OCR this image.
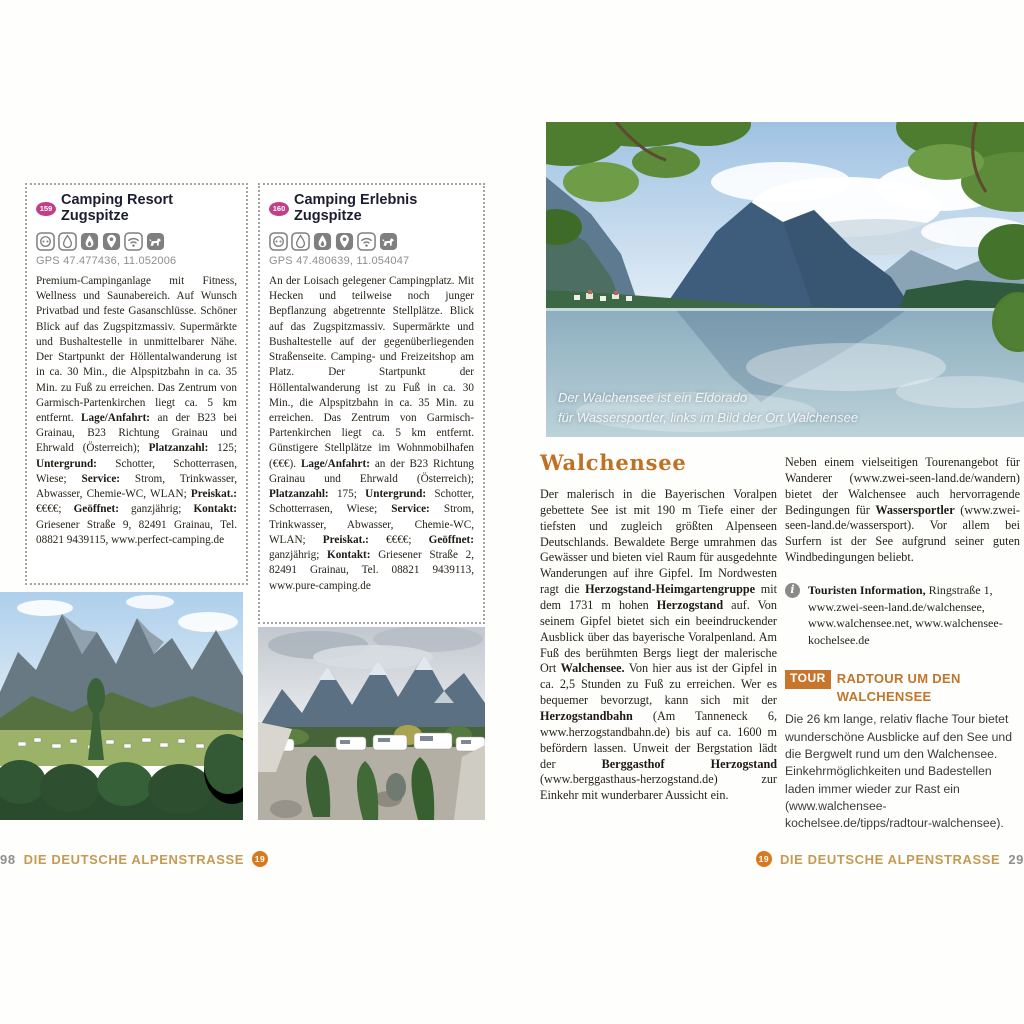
159
Camping Resort Zugspitze
GPS 47.477436, 11.052006
Premium-Campinganlage mit Fitness, Wellness und Saunabereich. Auf Wunsch Privatbad und feste Gasanschlüsse. Schöner Blick auf das Zugspitzmassiv. Supermärkte und Bushaltestelle in unmittelbarer Nähe. Der Startpunkt der Höllentalwanderung ist in ca. 30 Min., die Alpspitzbahn in ca. 35 Min. zu Fuß zu erreichen. Das Zentrum von Garmisch-Partenkirchen liegt ca. 5 km entfernt. Lage/Anfahrt: an der B23 bei Grainau, B23 Richtung Grainau und Ehrwald (Österreich); Platzanzahl: 125; Untergrund: Schotter, Schotterrasen, Wiese; Service: Strom, Trinkwasser, Abwasser, Chemie-WC, WLAN; Preiskat.: €€€€; Geöffnet: ganzjährig; Kontakt: Griesener Straße 9, 82491 Grainau, Tel. 08821 9439115, www.perfect-camping.de
160
Camping Erlebnis Zugspitze
GPS 47.480639, 11.054047
An der Loisach gelegener Campingplatz. Mit Hecken und teilweise noch junger Bepflanzung abgetrennte Stellplätze. Blick auf das Zugspitzmassiv. Supermärkte und Bushaltestelle auf der gegenüberliegenden Straßenseite. Camping- und Freizeitshop am Platz. Der Startpunkt der Höllentalwanderung ist zu Fuß in ca. 30 Min., die Alpspitzbahn in ca. 35 Min. zu erreichen. Das Zentrum von Garmisch-Partenkirchen liegt ca. 5 km entfernt. Günstigere Stellplätze im Wohnmobilhafen (€€€). Lage/Anfahrt: an der B23 Richtung Grainau und Ehrwald (Österreich); Platzanzahl: 175; Untergrund: Schotter, Schotterrasen, Wiese; Service: Strom, Trinkwasser, Abwasser, Chemie-WC, WLAN; Preiskat.: €€€€; Geöffnet: ganzjährig; Kontakt: Griesener Straße 2, 82491 Grainau, Tel. 08821 9439113, www.pure-camping.de
98 DIE DEUTSCHE ALPENSTRASSE	19
Der Walchensee ist ein Eldorado
für Wassersportler, links im Bild der Ort Walchensee
Walchensee
Der malerisch in die Bayerischen Voralpen gebettete See ist mit 190 m Tiefe einer der tiefsten und zugleich größten Alpenseen Deutschlands. Bewaldete Berge umrahmen das Gewässer und bieten viel Raum für ausgedehnte Wanderungen auf ihre Gipfel. Im Nordwesten ragt die Herzogstand-Heimgartengruppe mit dem 1731 m hohen Herzogstand auf. Von seinem Gipfel bietet sich ein beeindruckender Ausblick über das bayerische Voralpenland. Am Fuß des berühmten Bergs liegt der malerische Ort Walchensee. Von hier aus ist der Gipfel in ca. 2,5 Stunden zu Fuß zu erreichen. Wer es bequemer bevorzugt, kann sich mit der Herzogstandbahn (Am Tanneneck 6, www.herzogstandbahn.de) bis auf ca. 1600 m befördern lassen. Unweit der Bergstation lädt der Berggasthof Herzogstand (www.berggasthaus-herzogstand.de) zur Einkehr mit wunderbarer Aussicht ein.
Neben einem vielseitigen Tourenangebot für Wanderer (www.zwei-seen-land.de/wandern) bietet der Walchensee auch hervorragende Bedingungen für Wassersportler (www.zwei-seen-land.de/wassersport). Vor allem bei Surfern ist der See aufgrund seiner guten Windbedingungen beliebt.
i	Touristen Information, Ringstraße 1, www.zwei-seen-land.de/walchensee, www.walchensee.net, www.walchensee-kochelsee.de
TOUR RADTOUR UM DEN WALCHENSEE
Die 26 km lange, relativ flache Tour bietet wunderschöne Ausblicke auf den See und die Bergwelt rund um den Walchensee. Einkehrmöglichkeiten und Badestellen laden immer wieder zur Rast ein (www.walchensee-kochelsee.de/tipps/radtour-walchensee).
19 DIE DEUTSCHE ALPENSTRASSE 29
